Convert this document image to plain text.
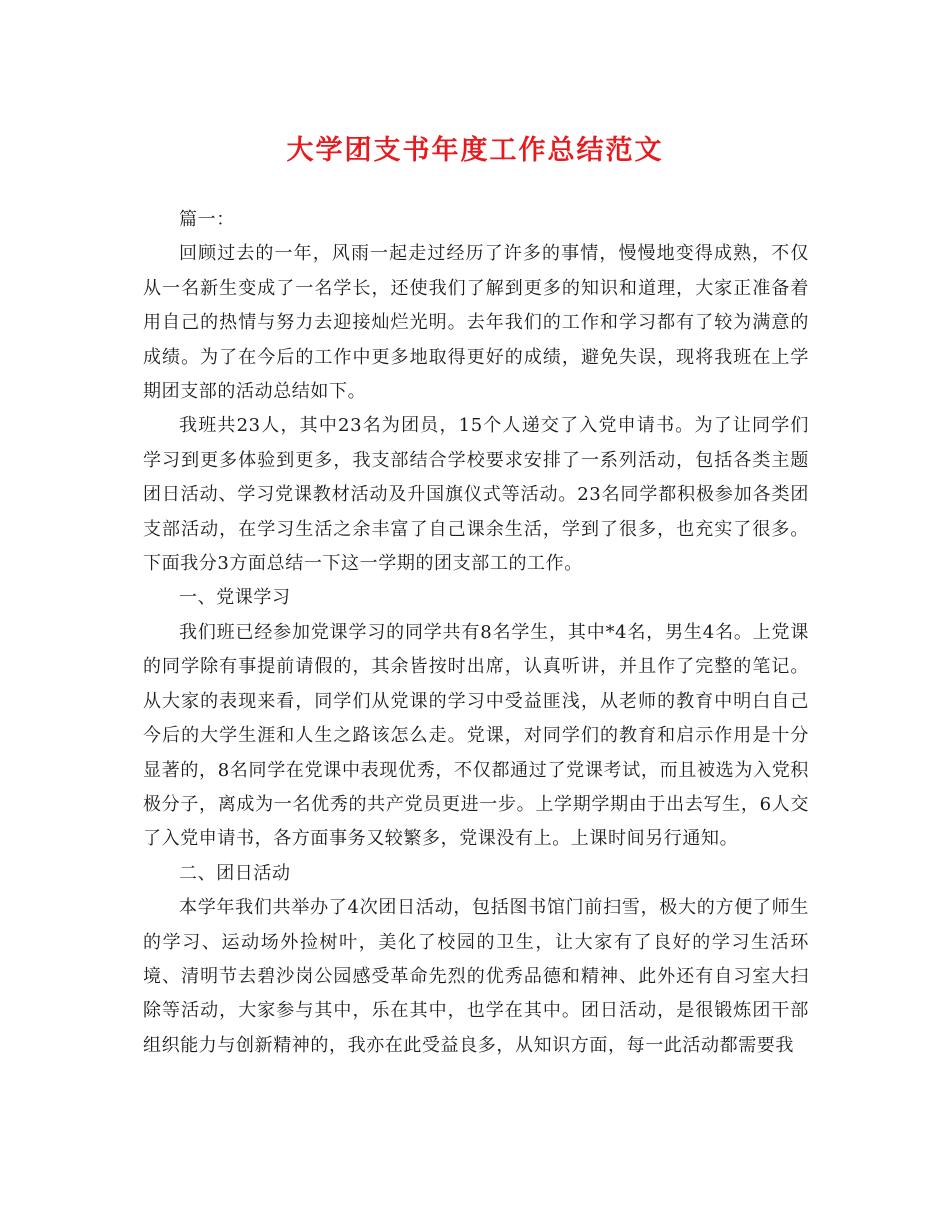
大学团支书年度工作总结范文

篇一：

回顾过去的一年，风雨一起走过经历了许多的事情，慢慢地变得成熟，不仅从一名新生变成了一名学长，还使我们了解到更多的知识和道理，大家正准备着用自己的热情与努力去迎接灿烂光明。去年我们的工作和学习都有了较为满意的成绩。为了在今后的工作中更多地取得更好的成绩，避免失误，现将我班在上学期团支部的活动总结如下。

我班共23人，其中23名为团员，15个人递交了入党申请书。为了让同学们学习到更多体验到更多，我支部结合学校要求安排了一系列活动，包括各类主题团日活动、学习党课教材活动及升国旗仪式等活动。23名同学都积极参加各类团支部活动，在学习生活之余丰富了自己课余生活，学到了很多，也充实了很多。下面我分3方面总结一下这一学期的团支部工的工作。

一、党课学习

我们班已经参加党课学习的同学共有8名学生，其中*4名，男生4名。上党课的同学除有事提前请假的，其余皆按时出席，认真听讲，并且作了完整的笔记。从大家的表现来看，同学们从党课的学习中受益匪浅，从老师的教育中明白自己今后的大学生涯和人生之路该怎么走。党课，对同学们的教育和启示作用是十分显著的，8名同学在党课中表现优秀，不仅都通过了党课考试，而且被选为入党积极分子，离成为一名优秀的共产党员更进一步。上学期学期由于出去写生，6人交了入党申请书，各方面事务又较繁多，党课没有上。上课时间另行通知。

二、团日活动

本学年我们共举办了4次团日活动，包括图书馆门前扫雪，极大的方便了师生的学习、运动场外捡树叶，美化了校园的卫生，让大家有了良好的学习生活环境、清明节去碧沙岗公园感受革命先烈的优秀品德和精神、此外还有自习室大扫除等活动，大家参与其中，乐在其中，也学在其中。团日活动，是很锻炼团干部组织能力与创新精神的，我亦在此受益良多，从知识方面，每一此活动都需要我
